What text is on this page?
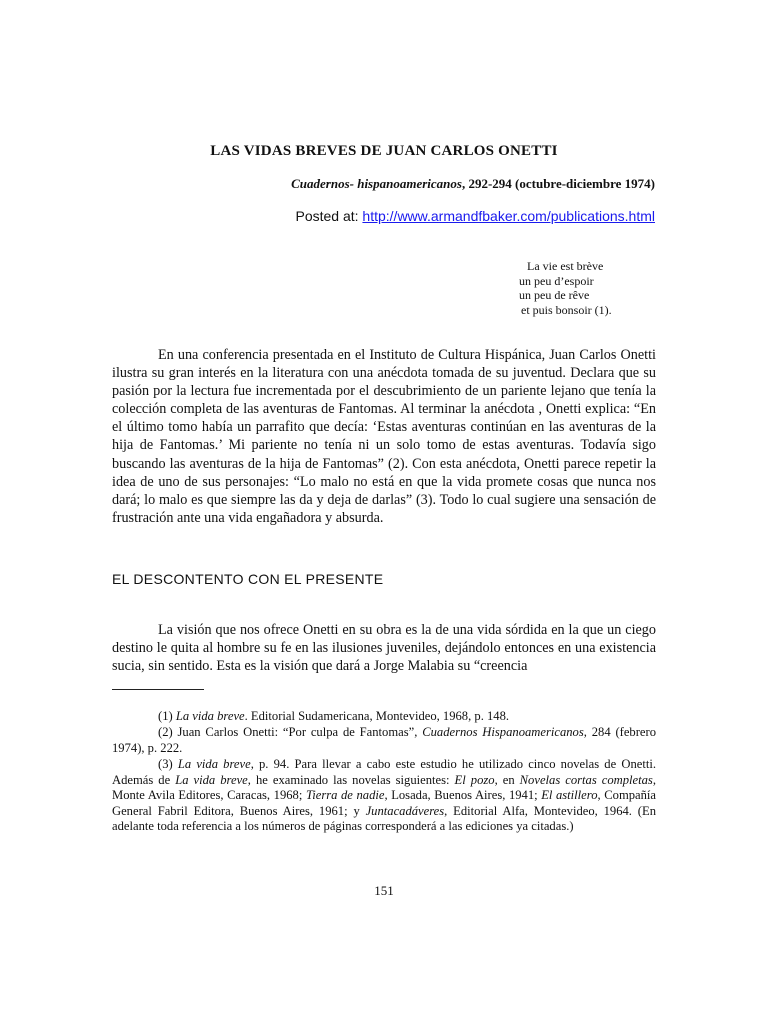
LAS VIDAS BREVES DE JUAN CARLOS ONETTI
Cuadernos- hispanoamericanos, 292-294 (octubre-diciembre 1974)
Posted at: http://www.armandfbaker.com/publications.html
La vie est brève
un peu d’espoir
un peu de rêve
et puis bonsoir (1).
En una conferencia presentada en el Instituto de Cultura Hispánica, Juan Carlos Onetti ilustra su gran interés en la literatura con una anécdota tomada de su juventud. Declara que su pasión por la lectura fue incrementada por el descubrimiento de un pariente lejano que tenía la colección completa de las aventuras de Fantomas. Al terminar la anécdota , Onetti explica: “En el último tomo había un parrafito que decía: ‘Estas aventuras continúan en las aventuras de la hija de Fantomas.’ Mi pariente no tenía ni un solo tomo de estas aventuras. Todavía sigo buscando las aventuras de la hija de Fantomas” (2). Con esta anécdota, Onetti parece repetir la idea de uno de sus personajes: “Lo malo no está en que la vida promete cosas que nunca nos dará; lo malo es que siempre las da y deja de darlas” (3). Todo lo cual sugiere una sensación de frustración ante una vida engañadora y absurda.
EL DESCONTENTO CON EL PRESENTE
La visión que nos ofrece Onetti en su obra es la de una vida sórdida en la que un ciego destino le quita al hombre su fe en las ilusiones juveniles, dejándolo entonces en una existencia sucia, sin sentido. Esta es la visión que dará a Jorge Malabia su “creencia
(1) La vida breve. Editorial Sudamericana, Montevideo, 1968, p. 148.
(2) Juan Carlos Onetti: “Por culpa de Fantomas”, Cuadernos Hispanoamericanos, 284 (febrero 1974), p. 222.
(3) La vida breve, p. 94. Para llevar a cabo este estudio he utilizado cinco novelas de Onetti. Además de La vida breve, he examinado las novelas siguientes: El pozo, en Novelas cortas completas, Monte Avila Editores, Caracas, 1968; Tierra de nadie, Losada, Buenos Aires, 1941; El astillero, Compañía General Fabril Editora, Buenos Aires, 1961; y Juntacadáveres, Editorial Alfa, Montevideo, 1964. (En adelante toda referencia a los números de páginas corresponderá a las ediciones ya citadas.)
151
